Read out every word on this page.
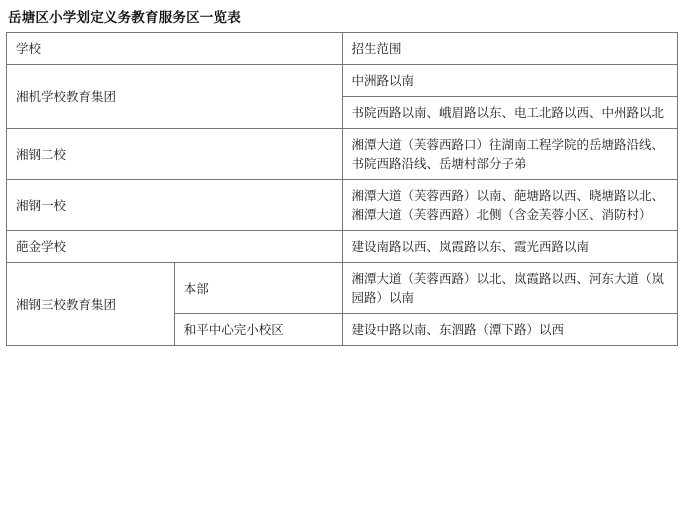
岳塘区小学划定义务教育服务区一览表
学校		招生范围
湘机学校教育集团		中洲路以南
		书院西路以南、峨眉路以东、电工北路以西、中州路以北
湘钢二校		湘潭大道（芙蓉西路口）往湖南工程学院的岳塘路沿线、书院西路沿线、岳塘村部分子弟
湘钢一校		湘潭大道（芙蓉西路）以南、葩塘路以西、晓塘路以北、湘潭大道（芙蓉西路）北侧（含金芙蓉小区、消防村）
葩金学校		建设南路以西、岚霞路以东、霞光西路以南
湘钢三校教育集团	本部	湘潭大道（芙蓉西路）以北、岚霞路以西、河东大道（岚园路）以南
	和平中心完小校区	建设中路以南、东泗路（潭下路）以西
